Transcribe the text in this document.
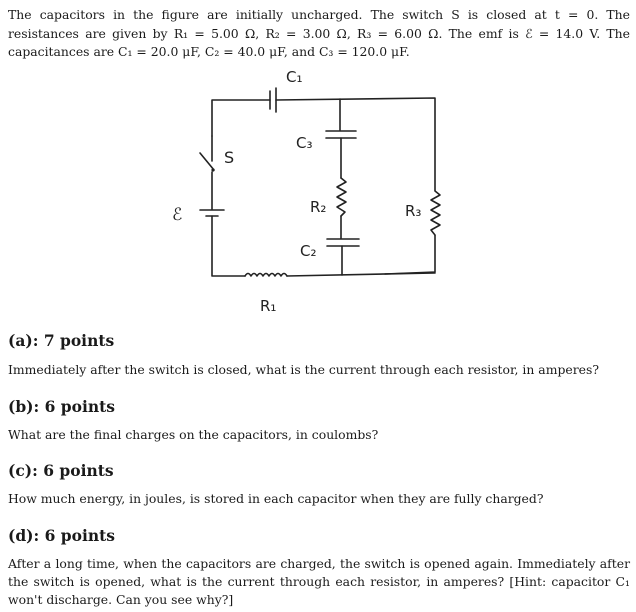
The capacitors in the figure are initially uncharged. The switch S is closed at t = 0. The resistances are given by R₁ = 5.00 Ω, R₂ = 3.00 Ω, R₃ = 6.00 Ω. The emf is ℰ = 14.0 V. The capacitances are C₁ = 20.0 μF, C₂ = 40.0 μF, and C₃ = 120.0 μF.
C₁
C₃
R₂	R₃
C₂
R₁
S
ℰ
(a): 7 points
Immediately after the switch is closed, what is the current through each resistor, in amperes?
(b): 6 points
What are the final charges on the capacitors, in coulombs?
(c): 6 points
How much energy, in joules, is stored in each capacitor when they are fully charged?
(d): 6 points
After a long time, when the capacitors are charged, the switch is opened again. Immediately after the switch is opened, what is the current through each resistor, in amperes? [Hint: capacitor C₁ won't discharge. Can you see why?]
